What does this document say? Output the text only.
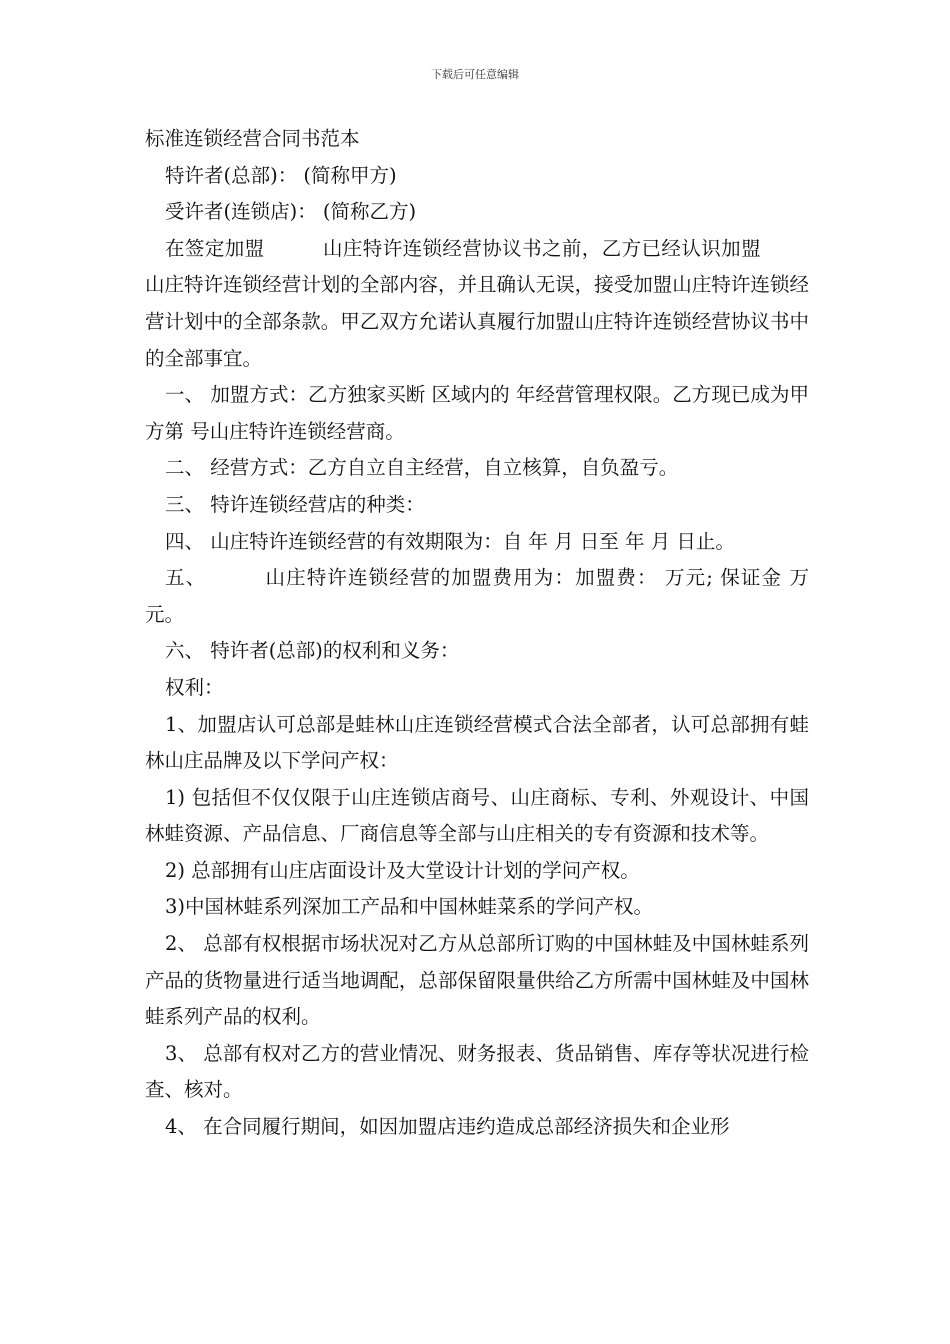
下载后可任意编辑

标准连锁经营合同书范本

特许者(总部)： (简称甲方)

受许者(连锁店)： (简称乙方)

在签定加盟	山庄特许连锁经营协议书之前，乙方已经认识加盟山庄特许连锁经营计划的全部内容，并且确认无误，接受加盟山庄特许连锁经营计划中的全部条款。甲乙双方允诺认真履行加盟山庄特许连锁经营协议书中的全部事宜。

一、 加盟方式：乙方独家买断 区域内的 年经营管理权限。乙方现已成为甲方第 号山庄特许连锁经营商。

二、 经营方式：乙方自立自主经营，自立核算，自负盈亏。

三、 特许连锁经营店的种类：

四、 山庄特许连锁经营的有效期限为：自 年 月 日至 年 月 日止。

五、	山庄特许连锁经营的加盟费用为：加盟费： 万元; 保证金 万元。

六、 特许者(总部)的权利和义务：

权利：

1、加盟店认可总部是蛙林山庄连锁经营模式合法全部者，认可总部拥有蛙林山庄品牌及以下学问产权：

1) 包括但不仅仅限于山庄连锁店商号、山庄商标、专利、外观设计、中国林蛙资源、产品信息、厂商信息等全部与山庄相关的专有资源和技术等。

2) 总部拥有山庄店面设计及大堂设计计划的学问产权。

3)中国林蛙系列深加工产品和中国林蛙菜系的学问产权。

2、 总部有权根据市场状况对乙方从总部所订购的中国林蛙及中国林蛙系列产品的货物量进行适当地调配，总部保留限量供给乙方所需中国林蛙及中国林蛙系列产品的权利。

3、 总部有权对乙方的营业情况、财务报表、货品销售、库存等状况进行检查、核对。

4、 在合同履行期间，如因加盟店违约造成总部经济损失和企业形
